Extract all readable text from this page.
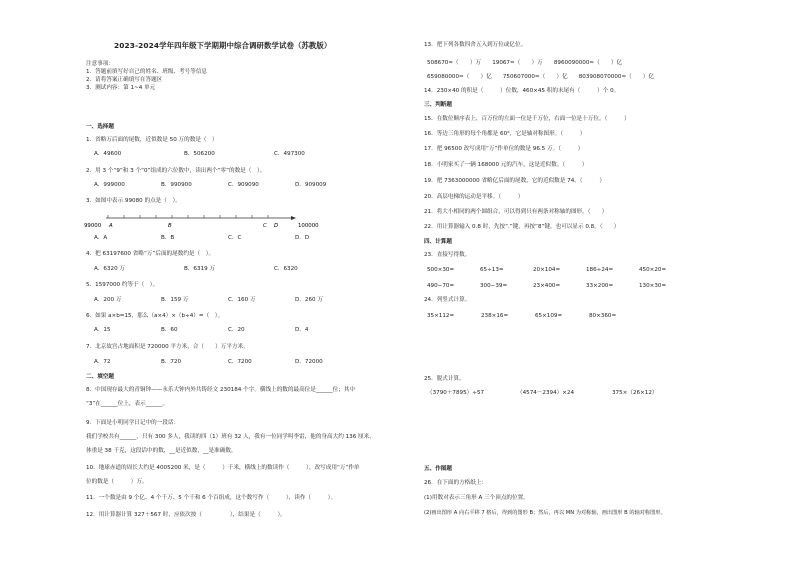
2023-2024学年四年级下学期期中综合调研数学试卷（苏教版）
注意事项：
1．答题前填写好自己的姓名、班级、考号等信息
2．请将答案正确填写在答题区
3．测试内容：第 1~4 单元
一、选择题
1．省略万后面的尾数，近似数是 50 万的数是（　）
A．49600	B．506200	C．497300
2．用 3 个“9”和 3 个“0”组成的六位数中，读出两个“零”的数是（　）。
A．999000	B．990900	C．909090	D．909009
3．如图中表示 99080 的点是（　）。
99000 A	B	C D	100000
A．A	B．B	C．C	D．D
4．把 63197600 省略“万”后面的尾数约是（　）。
A．6320 万	B．6319 万	C．6320
5．1597000 约等于（　）。
A．200 万	B．159 万	C．160 万	D．260 万
6．如果 a×b=15，那么（a×4）×（b÷4）=（　）。
A．15	B．60	C．20	D．4
7．北京故宫占地面积是 720000 平方米，合（　　）万平方米。
A．72	B．720	C．7200	D．72000
二、填空题
8．中国现存最大的青铜钟——永乐大钟内外共铸经文 230184 个字。横线上的数的最高位是______位；其中
“3”在______位上，表示______。
9．下面是小明同学日记中的一段话：
我们学校共有______，只有 300 多人，我读的四（1）班有 32 人，我有一位同学叫李雷，他的身高大约 136 厘米，
体重是 38 千克，这段话中的数，__是近似数，__是准确数。
10．地球赤道的周长大约是 4005200 米，是（　　　）千米，横线上的数读作（　　　），改写成用“万”作单
位的数是（　　　）万。
11．一个数是由 9 个亿、4 个千万、5 个千和 6 个百组成，这个数写作（　　　），读作（　　　）。
12．用计算器计算 327＋567 时，应依次按（　　　　　），结果是（　　　）。
13．把下列各数四舍五入到万位或亿位。
508670≈（　　）万　　19067≈（　　）万　　8960090000≈（　　）亿
659080000≈（　　）亿　　750607000≈（　　）亿　　803908070000≈（　　）亿
14．230×40 的积是（　　　）位数，460×45 积的末尾有（　　　）个 0。
三、判断题
15．在数位顺序表上，百万位的左面一位是千万位，右面一位是十万位。（　　　）
16．等边三角形的每个角都是 60°，它是轴对称图形。（　　　）
17．把 96500 改写成用“万”作单位的数是 96.5 万。（　　　）
18．小明家买了一辆 168000 元的汽车，这是近似数。（　　　）
19．把 7363000000 省略亿后面的尾数，它的近似数是 74。（　　　）
20．高层电梯的运动是平移。（　　　）
21．将大小相同的两个圆组合，可以得到只有两条对称轴的图形。（　　）
22．用计算器输入 0.8 时，先按“.”键，再按“8”键，也可以显示 0.8。（　　）
四、计算题
23．直接写得数。
500×30=	65÷13=	20×104=	186÷24=	450×20=
490−70=	300−39=	23×400=	33×200=	130×30=
24．列竖式计算。
35×112=	238×16=	65×109=	80×360=
25．脱式计算。
（3790＋7895）÷57	（4574－2394）×24	375×（26×12）
五、作图题
26．在下面的方格纸上：
(1)用数对表示三角形 A 三个顶点的位置。
(2)画出图形 A 向右平移 7 格后，得到的图形 B；然后，再以 MN 为对称轴，画出图形 B 的轴对称图形。
